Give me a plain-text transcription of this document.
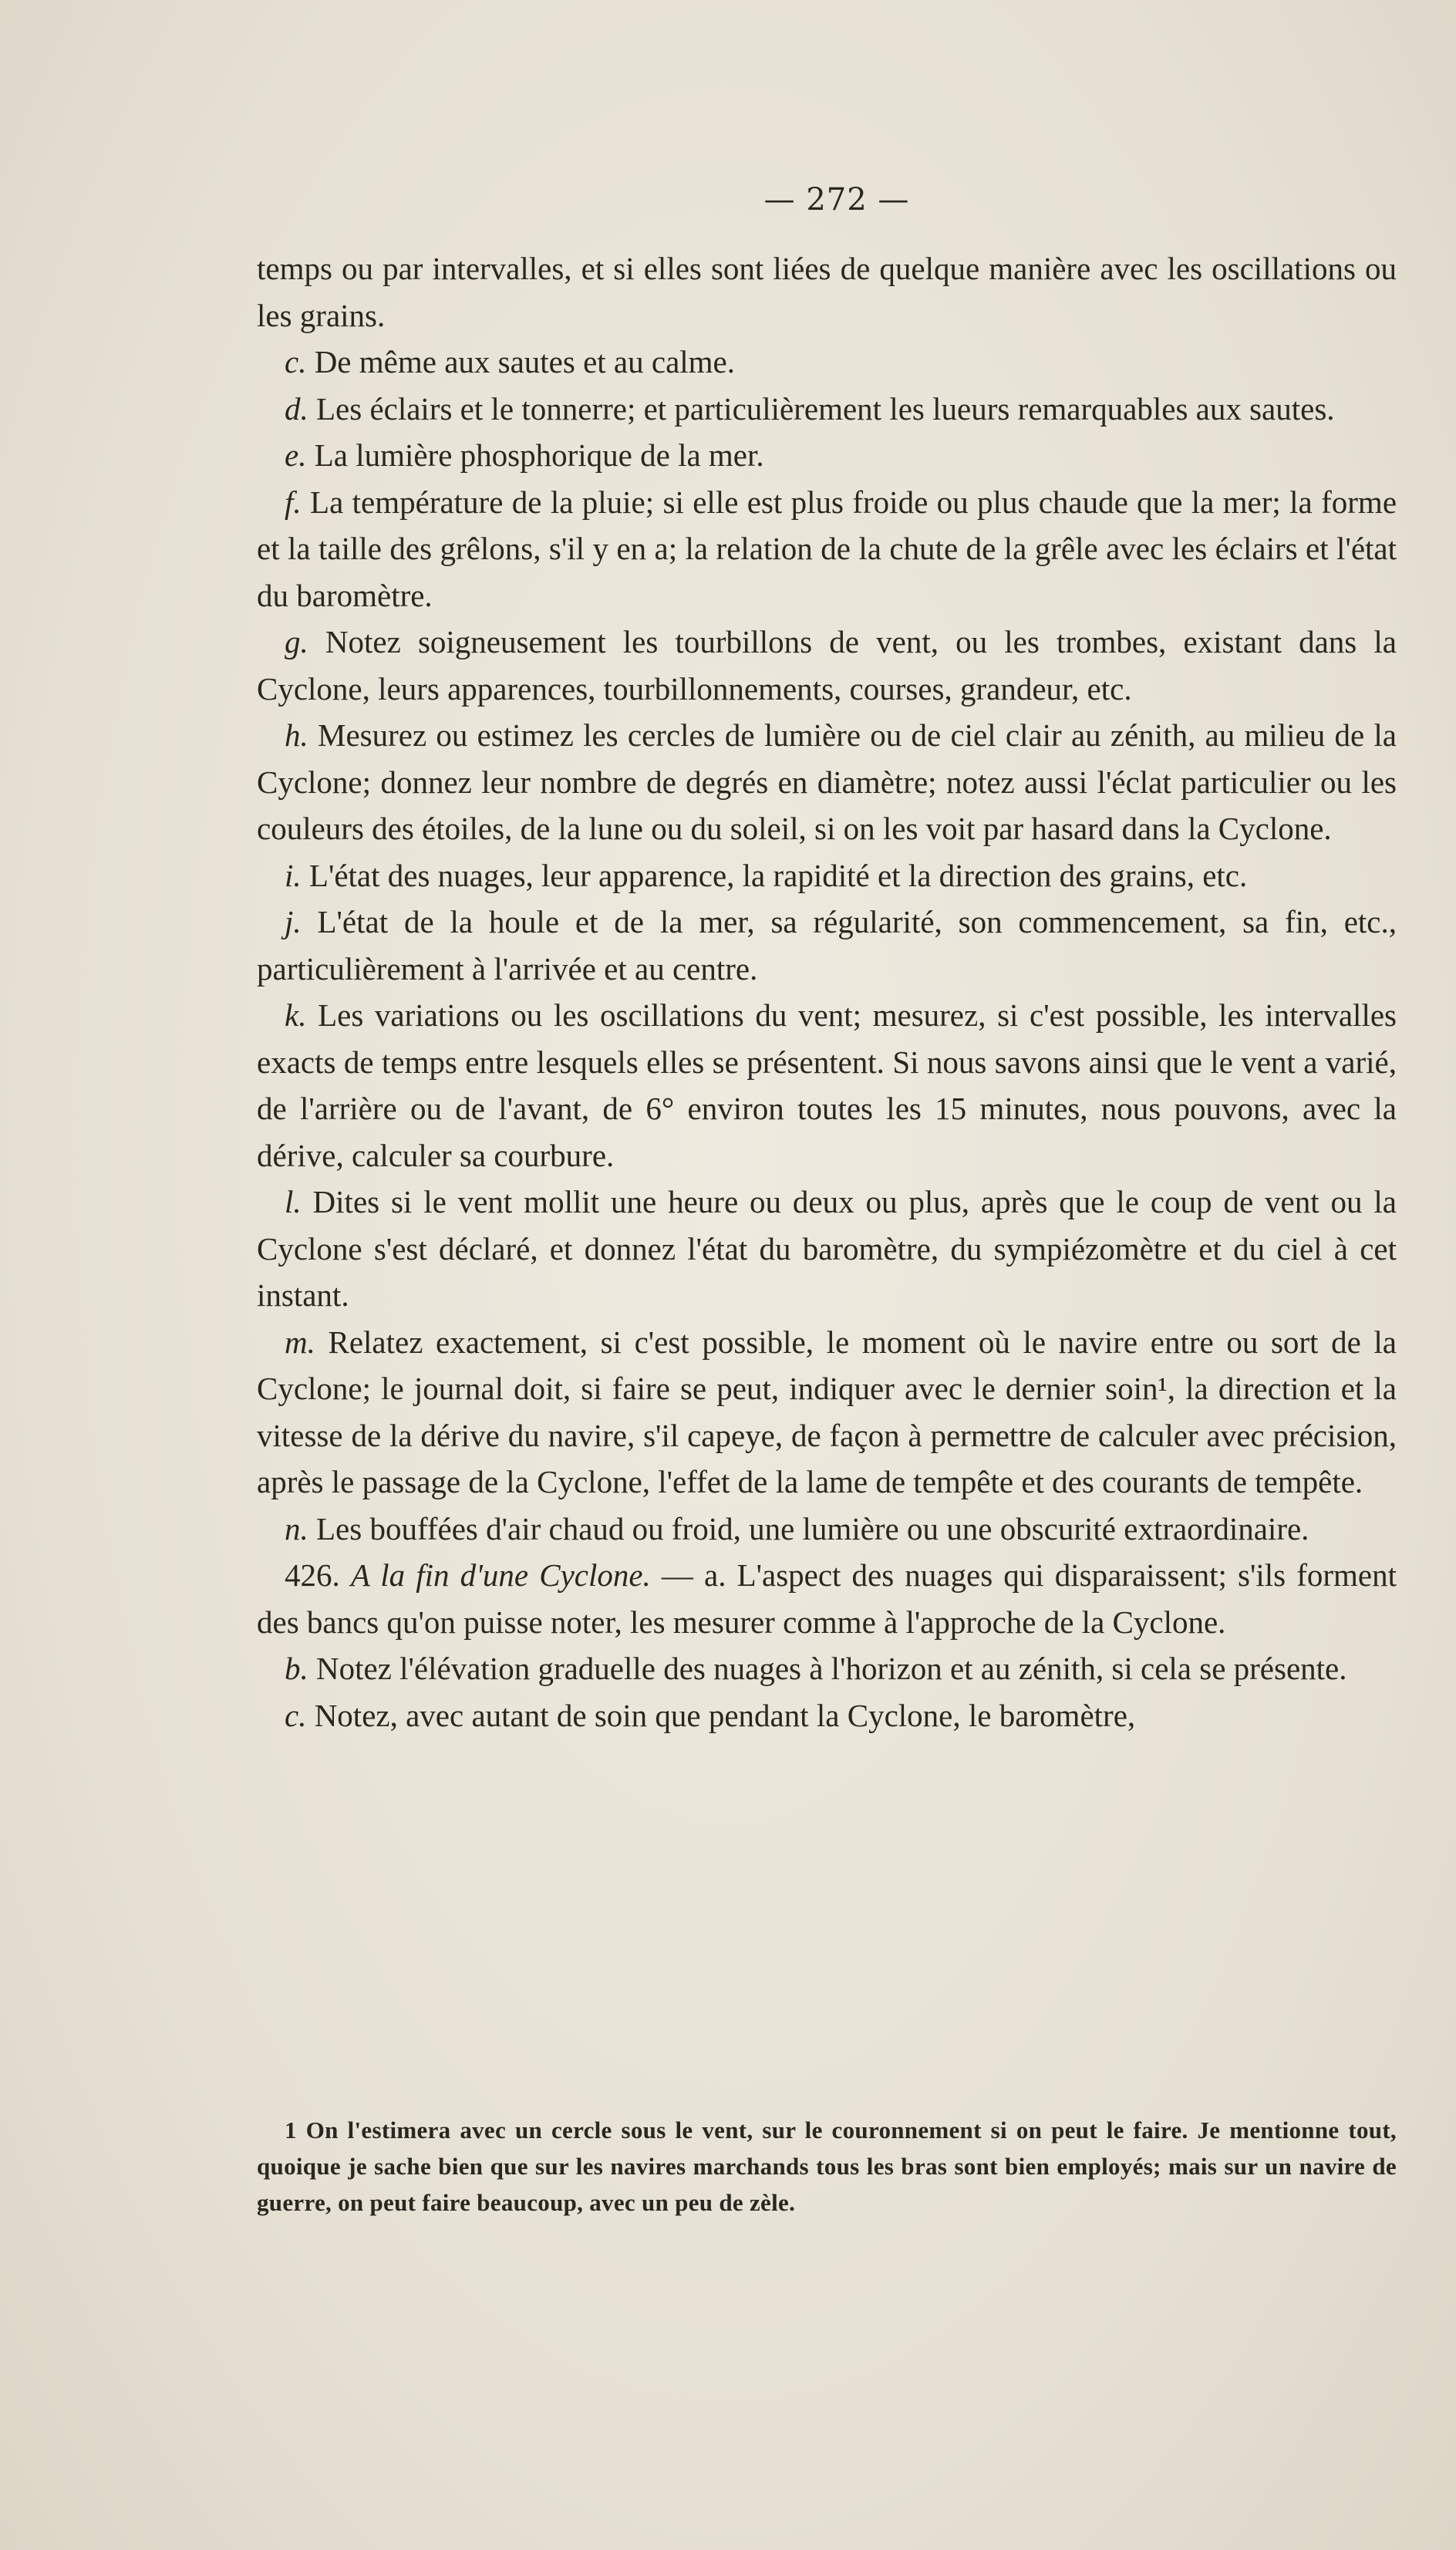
— 272 —

temps ou par intervalles, et si elles sont liées de quelque manière avec les oscillations ou les grains.

c. De même aux sautes et au calme.

d. Les éclairs et le tonnerre; et particulièrement les lueurs remarquables aux sautes.

e. La lumière phosphorique de la mer.

f. La température de la pluie; si elle est plus froide ou plus chaude que la mer; la forme et la taille des grêlons, s'il y en a; la relation de la chute de la grêle avec les éclairs et l'état du baromètre.

g. Notez soigneusement les tourbillons de vent, ou les trombes, existant dans la Cyclone, leurs apparences, tourbillonnements, courses, grandeur, etc.

h. Mesurez ou estimez les cercles de lumière ou de ciel clair au zénith, au milieu de la Cyclone; donnez leur nombre de degrés en diamètre; notez aussi l'éclat particulier ou les couleurs des étoiles, de la lune ou du soleil, si on les voit par hasard dans la Cyclone.

i. L'état des nuages, leur apparence, la rapidité et la direction des grains, etc.

j. L'état de la houle et de la mer, sa régularité, son commencement, sa fin, etc., particulièrement à l'arrivée et au centre.

k. Les variations ou les oscillations du vent; mesurez, si c'est possible, les intervalles exacts de temps entre lesquels elles se présentent. Si nous savons ainsi que le vent a varié, de l'arrière ou de l'avant, de 6° environ toutes les 15 minutes, nous pouvons, avec la dérive, calculer sa courbure.

l. Dites si le vent mollit une heure ou deux ou plus, après que le coup de vent ou la Cyclone s'est déclaré, et donnez l'état du baromètre, du sympiézomètre et du ciel à cet instant.

m. Relatez exactement, si c'est possible, le moment où le navire entre ou sort de la Cyclone; le journal doit, si faire se peut, indiquer avec le dernier soin¹, la direction et la vitesse de la dérive du navire, s'il capeye, de façon à permettre de calculer avec précision, après le passage de la Cyclone, l'effet de la lame de tempête et des courants de tempête.

n. Les bouffées d'air chaud ou froid, une lumière ou une obscurité extraordinaire.

426. A la fin d'une Cyclone. — a. L'aspect des nuages qui disparaissent; s'ils forment des bancs qu'on puisse noter, les mesurer comme à l'approche de la Cyclone.

b. Notez l'élévation graduelle des nuages à l'horizon et au zénith, si cela se présente.

c. Notez, avec autant de soin que pendant la Cyclone, le baromètre,

1 On l'estimera avec un cercle sous le vent, sur le couronnement si on peut le faire. Je mentionne tout, quoique je sache bien que sur les navires marchands tous les bras sont bien employés; mais sur un navire de guerre, on peut faire beaucoup, avec un peu de zèle.
